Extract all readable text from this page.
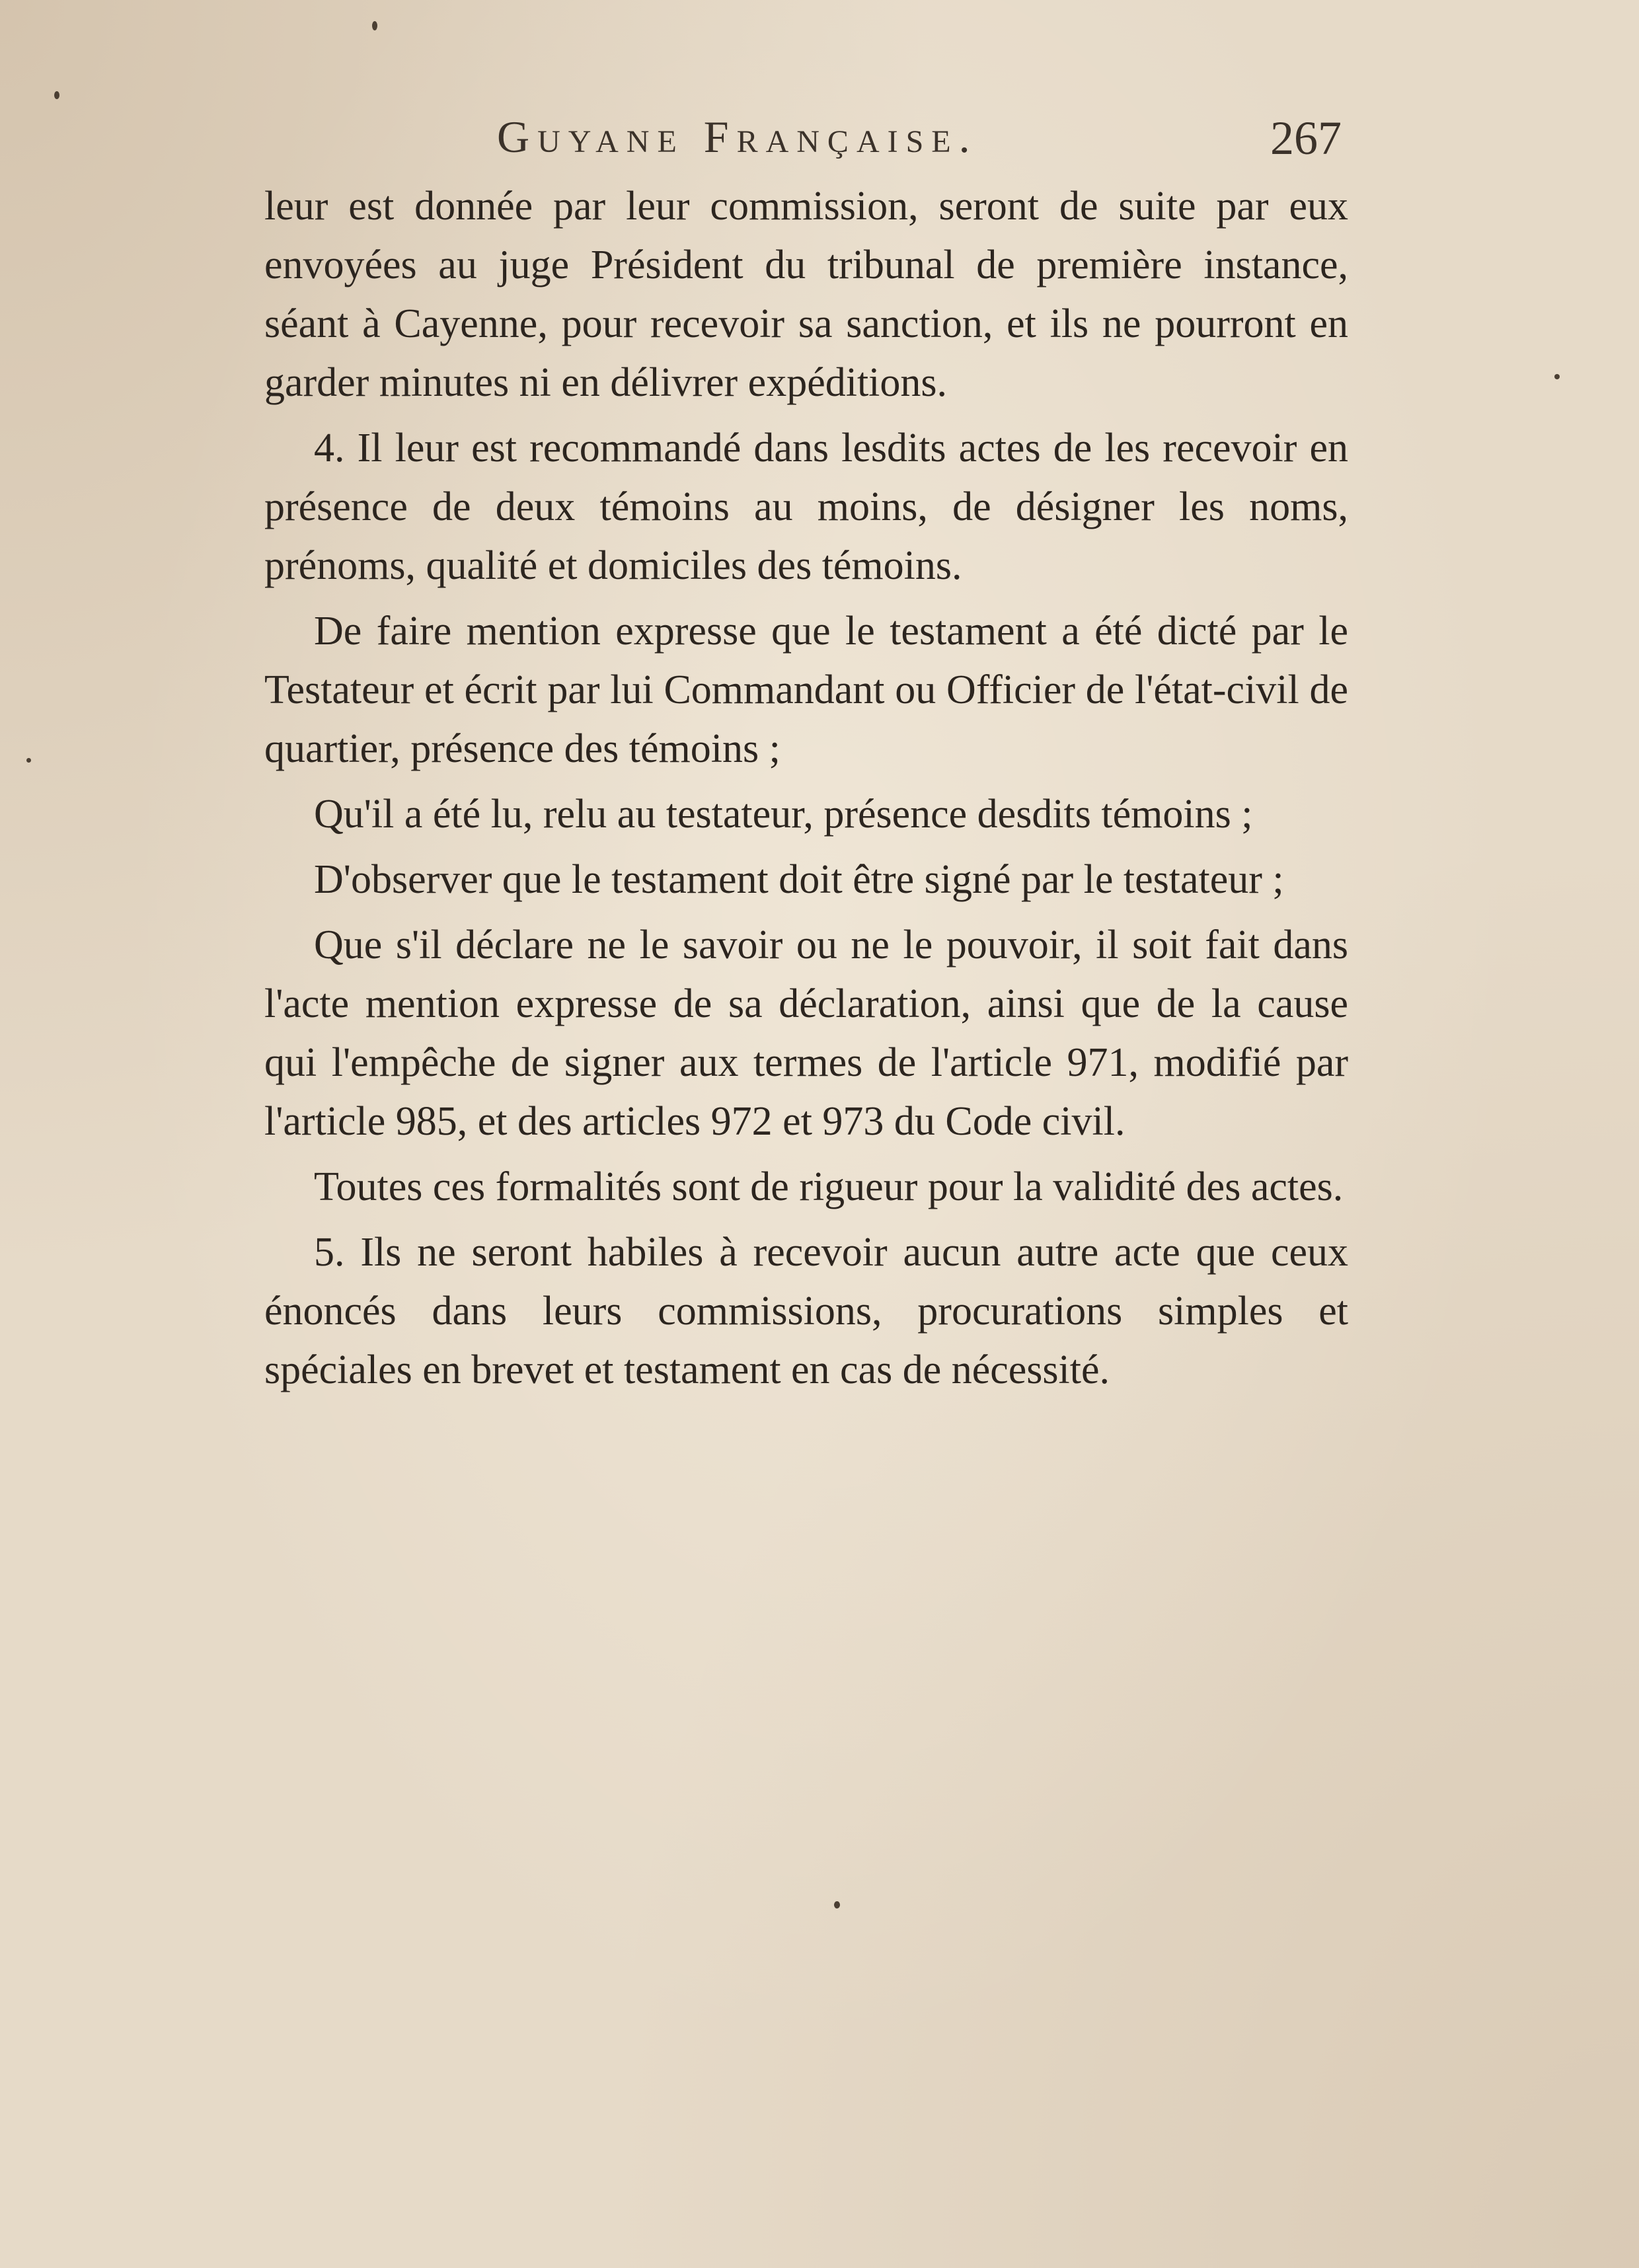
Guyane Française.	267

leur est donnée par leur commission, seront de suite par eux envoyées au juge Président du tribunal de première instance, séant à Cayenne, pour recevoir sa sanction, et ils ne pourront en garder minutes ni en délivrer expéditions.

4. Il leur est recommandé dans lesdits actes de les recevoir en présence de deux témoins au moins, de désigner les noms, prénoms, qualité et domiciles des témoins.

De faire mention expresse que le testament a été dicté par le Testateur et écrit par lui Commandant ou Officier de l'état-civil de quartier, présence des témoins ;

Qu'il a été lu, relu au testateur, présence desdits témoins ;

D'observer que le testament doit être signé par le testateur ;

Que s'il déclare ne le savoir ou ne le pouvoir, il soit fait dans l'acte mention expresse de sa déclaration, ainsi que de la cause qui l'empêche de signer aux termes de l'article 971, modifié par l'article 985, et des articles 972 et 973 du Code civil.

Toutes ces formalités sont de rigueur pour la validité des actes.

5. Ils ne seront habiles à recevoir aucun autre acte que ceux énoncés dans leurs commissions, procurations simples et spéciales en brevet et testament en cas de nécessité.
